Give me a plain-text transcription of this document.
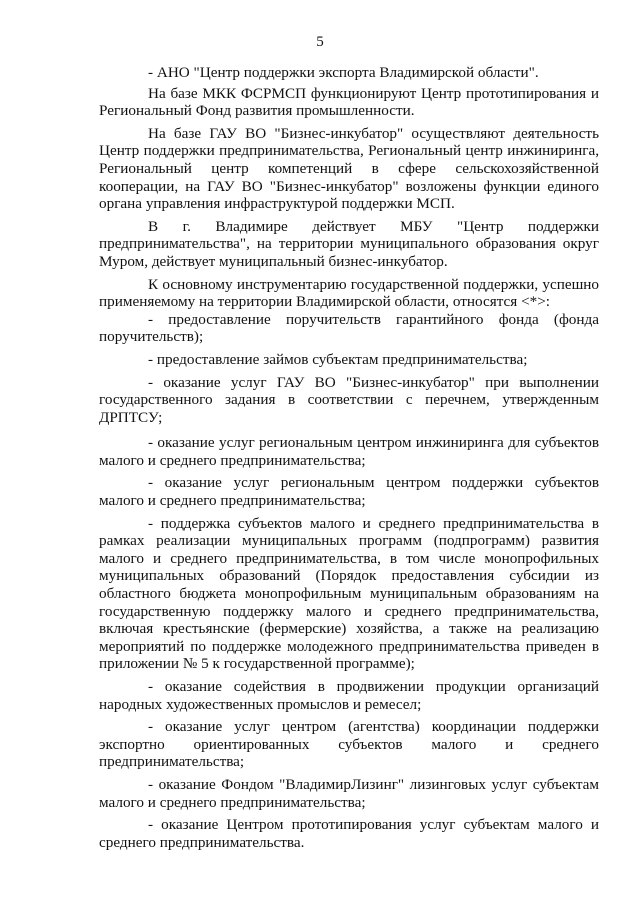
5

- АНО "Центр поддержки экспорта Владимирской области".

На базе МКК ФСРМСП функционируют Центр прототипирования и Региональный Фонд развития промышленности.

На базе ГАУ ВО "Бизнес-инкубатор" осуществляют деятельность Центр поддержки предпринимательства, Региональный центр инжиниринга, Региональный центр компетенций в сфере сельскохозяйственной кооперации, на ГАУ ВО "Бизнес-инкубатор" возложены функции единого органа управления инфраструктурой поддержки МСП.

В г. Владимире действует МБУ "Центр поддержки предпринимательства", на территории муниципального образования округ Муром, действует муниципальный бизнес-инкубатор.

К основному инструментарию государственной поддержки, успешно применяемому на территории Владимирской области, относятся <*>:

- предоставление поручительств гарантийного фонда (фонда поручительств);

- предоставление займов субъектам предпринимательства;

- оказание услуг ГАУ ВО "Бизнес-инкубатор" при выполнении государственного задания в соответствии с перечнем, утвержденным ДРПТСУ;

- оказание услуг региональным центром инжиниринга для субъектов малого и среднего предпринимательства;

- оказание услуг региональным центром поддержки субъектов малого и среднего предпринимательства;

- поддержка субъектов малого и среднего предпринимательства в рамках реализации муниципальных программ (подпрограмм) развития малого и среднего предпринимательства, в том числе монопрофильных муниципальных образований (Порядок предоставления субсидии из областного бюджета монопрофильным муниципальным образованиям на государственную поддержку малого и среднего предпринимательства, включая крестьянские (фермерские) хозяйства, а также на реализацию мероприятий по поддержке молодежного предпринимательства приведен в приложении № 5 к государственной программе);

- оказание содействия в продвижении продукции организаций народных художественных промыслов и ремесел;

- оказание услуг центром (агентства) координации поддержки экспортно ориентированных субъектов малого и среднего предпринимательства;

- оказание Фондом "ВладимирЛизинг" лизинговых услуг субъектам малого и среднего предпринимательства;

- оказание Центром прототипирования услуг субъектам малого и среднего предпринимательства.
